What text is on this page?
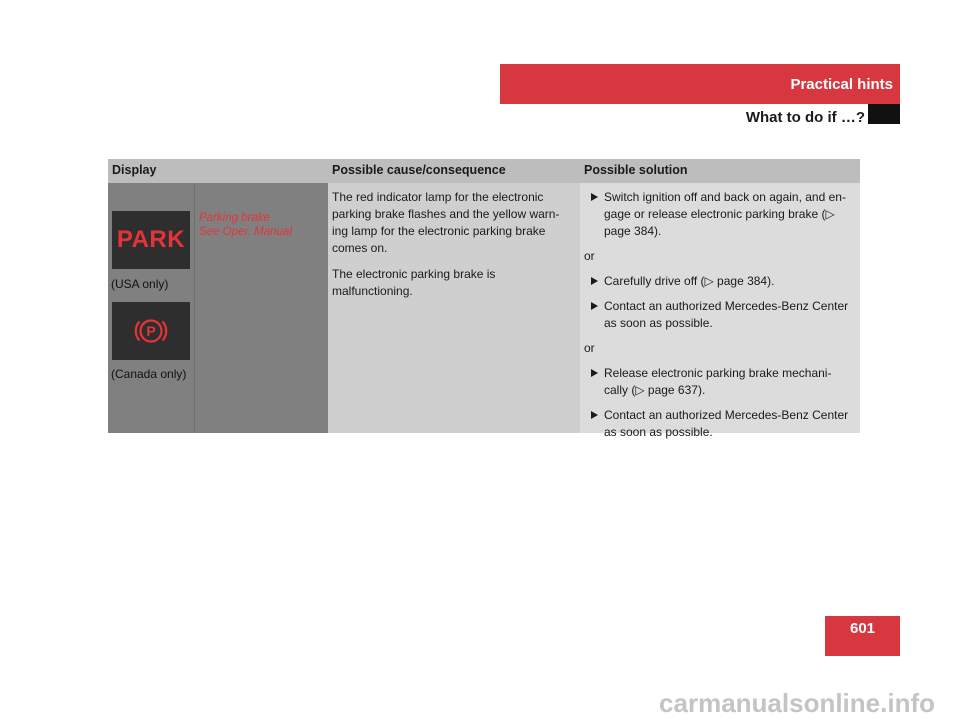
Practical hints
What to do if …?
Display	Possible cause/consequence	Possible solution
PARK
(USA only)
P
(Canada only)
Parking brake
See Oper. Manual

The red indicator lamp for the electronic parking brake flashes and the yellow warn-ing lamp for the electronic parking brake comes on.

The electronic parking brake is malfunctioning.

Switch ignition off and back on again, and en-gage or release electronic parking brake (▷ page 384).
or
Carefully drive off (▷ page 384).
Contact an authorized Mercedes-Benz Center as soon as possible.
or
Release electronic parking brake mechani-cally (▷ page 637).
Contact an authorized Mercedes-Benz Center as soon as possible.
601
carmanualsonline.info
